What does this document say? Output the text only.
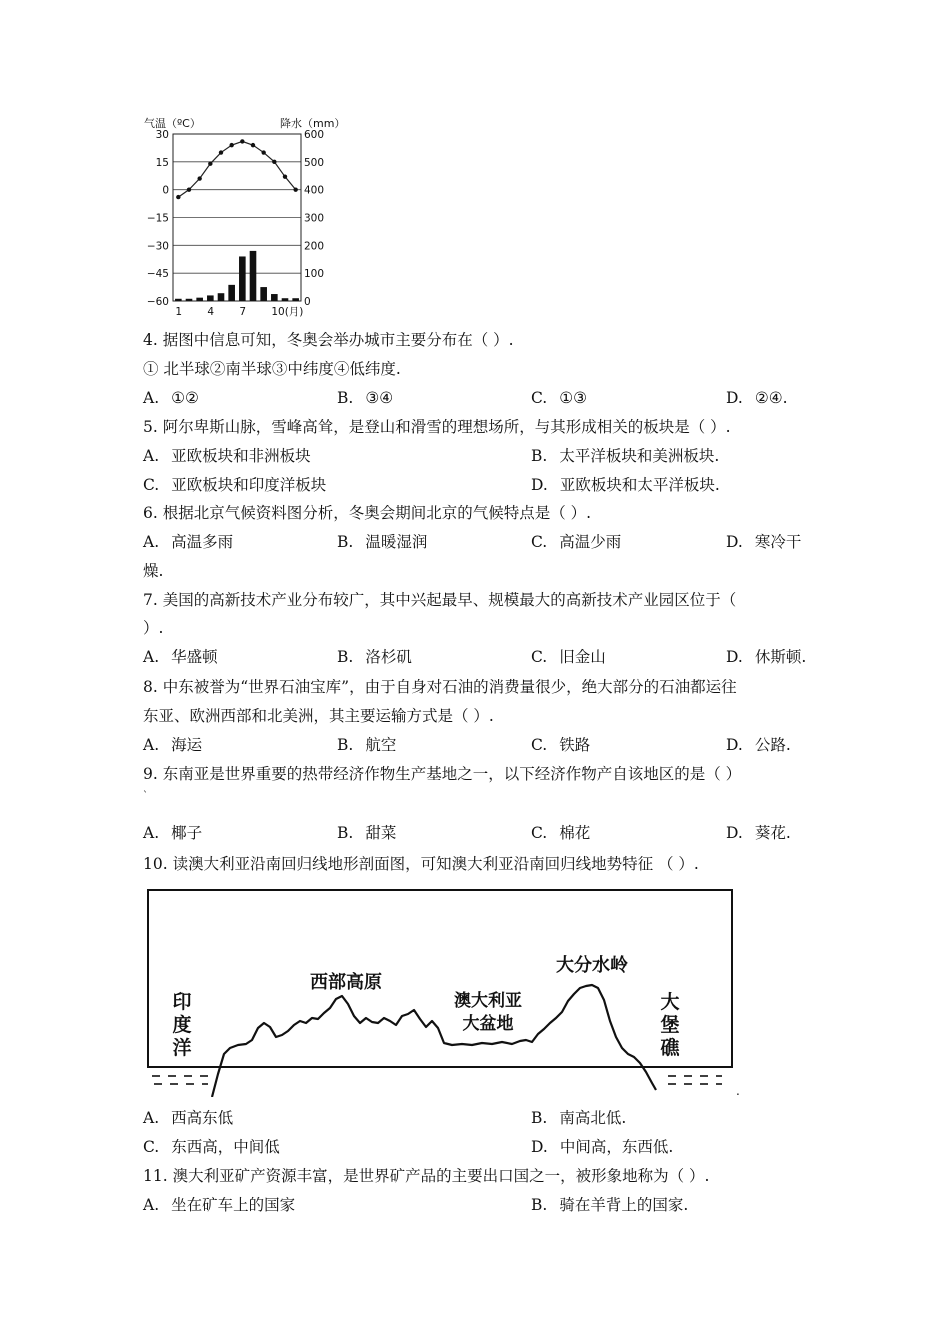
气温（ºC）	降水（mm）
30
15
0
−15
−30
−45
−60
600
500
400
300
200
100
0
1 4 7 10(月)
4. 据图中信息可知，冬奥会举办城市主要分布在（ ）.
① 北半球②南半球③中纬度④低纬度.
A. ①②	B. ③④	C. ①③	D. ②④.
5. 阿尔卑斯山脉，雪峰高耸，是登山和滑雪的理想场所，与其形成相关的板块是（ ）.
A. 亚欧板块和非洲板块	B. 太平洋板块和美洲板块.
C. 亚欧板块和印度洋板块	D. 亚欧板块和太平洋板块.
6. 根据北京气候资料图分析，冬奥会期间北京的气候特点是（ ）.
A. 高温多雨	B. 温暖湿润	C. 高温少雨	D. 寒冷干
燥.
7. 美国的高新技术产业分布较广，其中兴起最早、规模最大的高新技术产业园区位于（
）.
A. 华盛顿	B. 洛杉矶	C. 旧金山	D. 休斯顿.
8. 中东被誉为“世界石油宝库”，由于自身对石油的消费量很少，绝大部分的石油都运往
东亚、欧洲西部和北美洲，其主要运输方式是（ ）.
A. 海运	B. 航空	C. 铁路	D. 公路.
9. 东南亚是世界重要的热带经济作物生产基地之一，以下经济作物产自该地区的是（ ）
`
A. 椰子	B. 甜菜	C. 棉花	D. 葵花.
10. 读澳大利亚沿南回归线地形剖面图，可知澳大利亚沿南回归线地势特征 （ ）.
印
度
洋
大
堡
礁
西部高原
澳大利亚
大盆地
大分水岭
.
A. 西高东低	B. 南高北低.
C. 东西高，中间低	D. 中间高，东西低.
11. 澳大利亚矿产资源丰富，是世界矿产品的主要出口国之一，被形象地称为（ ）.
A. 坐在矿车上的国家	B. 骑在羊背上的国家.
